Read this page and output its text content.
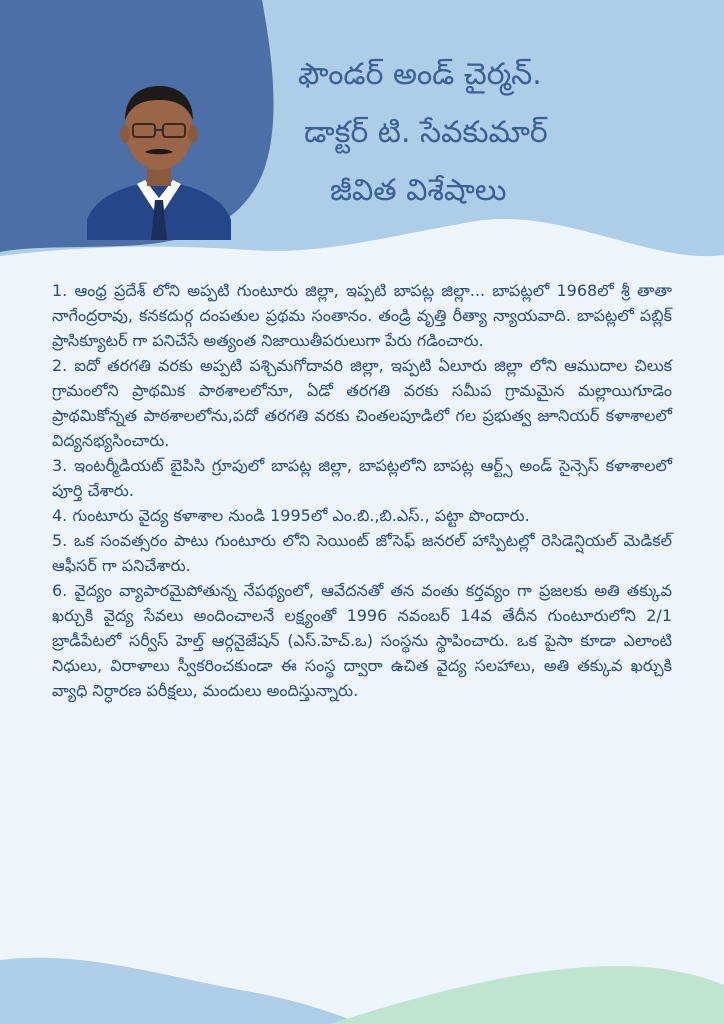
ఫౌండర్ అండ్ చైర్మన్.
డాక్టర్ టి. సేవకుమార్
జీవిత విశేషాలు

1. ఆంధ్ర ప్రదేశ్ లోని అప్పటి గుంటూరు జిల్లా, ఇప్పటి బాపట్ల జిల్లా... బాపట్లలో 1968లో శ్రీ తాతా నాగేంద్రరావు, కనకదుర్గ దంపతుల ప్రథమ సంతానం. తండ్రి వృత్తి రీత్యా న్యాయవాది. బాపట్లలో పబ్లిక్ ప్రాసిక్యూటర్ గా పనిచేసే అత్యంత నిజాయితీపరులుగా పేరు గడించారు.

2. ఐదో తరగతి వరకు అప్పటి పశ్చిమగోదావరి జిల్లా, ఇప్పటి ఏలూరు జిల్లా లోని ఆముదాల చిలుక గ్రామంలోని ప్రాథమిక పాఠశాలలోనూ, ఏడో తరగతి వరకు సమీప గ్రామమైన మల్లాయిగూడెం ప్రాథమికోన్నత పాఠశాలలోను,పదో తరగతి వరకు చింతలపూడిలో గల ప్రభుత్వ జూనియర్ కళాశాలలో విద్యనభ్యసించారు.

3. ఇంటర్మీడియట్ బైపిసి గ్రూపులో బాపట్ల జిల్లా, బాపట్లలోని బాపట్ల ఆర్ట్స్ అండ్ సైన్సెస్ కళాశాలలో పూర్తి చేశారు.

4. గుంటూరు వైద్య కళాశాల నుండి 1995లో ఎం.బి.,బి.ఎస్., పట్టా పొందారు.

5. ఒక సంవత్సరం పాటు గుంటూరు లోని సెయింట్ జోసెఫ్ జనరల్ హాస్పిటల్లో రెసిడెన్షియల్ మెడికల్ ఆఫీసర్ గా పనిచేశారు.

6. వైద్యం వ్యాపారమైపోతున్న నేపథ్యంలో, ఆవేదనతో తన వంతు కర్తవ్యం గా ప్రజలకు అతి తక్కువ ఖర్చుకి వైద్య సేవలు అందించాలనే లక్ష్యంతో 1996 నవంబర్ 14వ తేదీన గుంటూరులోని 2/1 బ్రాడీపేటలో సర్వీస్ హెల్త్ ఆర్గనైజేషన్ (ఎస్.హెచ్.ఒ) సంస్థను స్థాపించారు. ఒక పైసా కూడా ఎలాంటి నిధులు, విరాళాలు స్వీకరించకుండా ఈ సంస్థ ద్వారా ఉచిత వైద్య సలహాలు, అతి తక్కువ ఖర్చుకి వ్యాధి నిర్ధారణ పరీక్షలు, మందులు అందిస్తున్నారు.
